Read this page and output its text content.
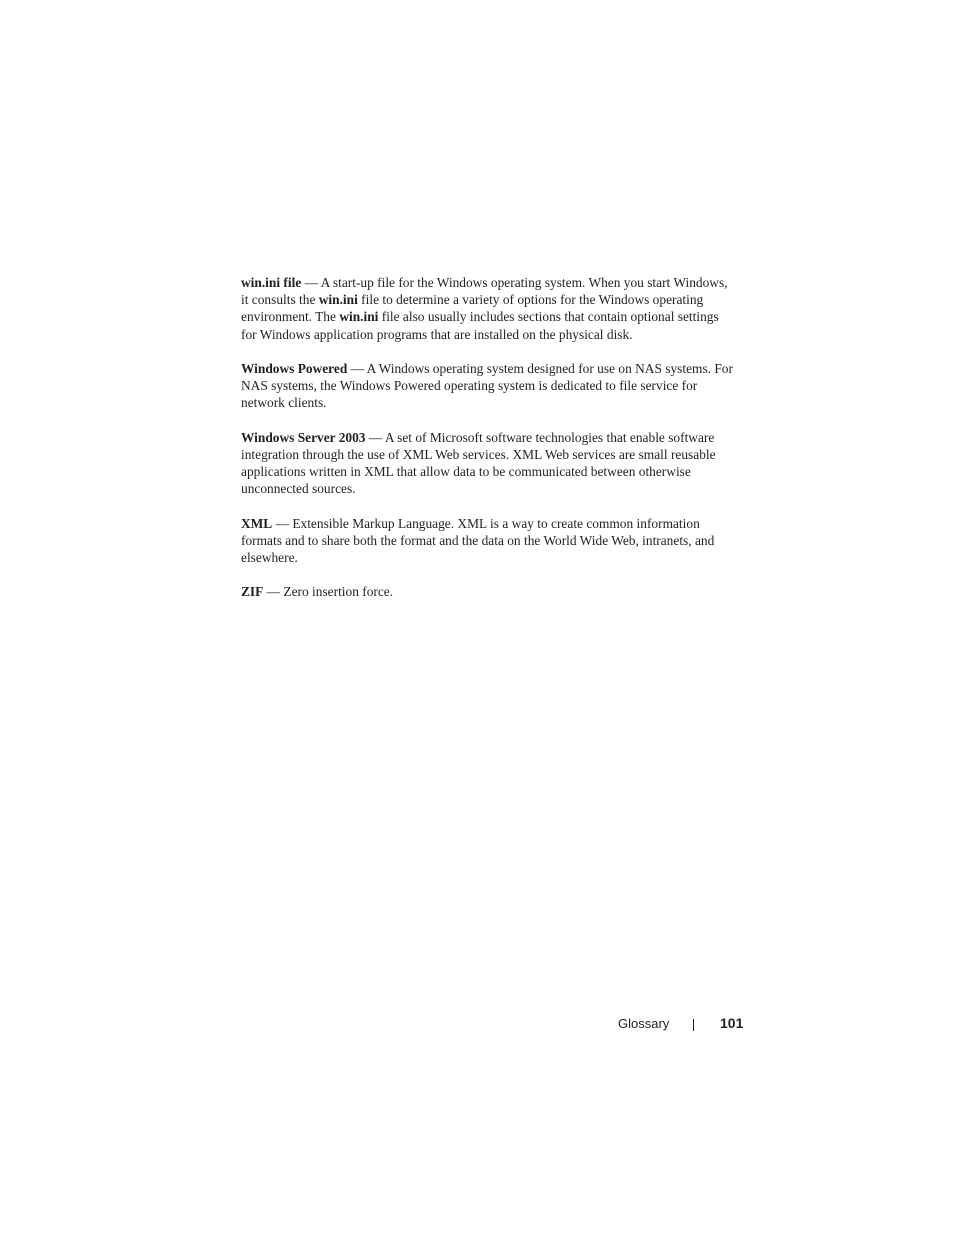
win.ini file — A start-up file for the Windows operating system. When you start Windows, it consults the win.ini file to determine a variety of options for the Windows operating environment. The win.ini file also usually includes sections that contain optional settings for Windows application programs that are installed on the physical disk.

Windows Powered — A Windows operating system designed for use on NAS systems. For NAS systems, the Windows Powered operating system is dedicated to file service for network clients.

Windows Server 2003 — A set of Microsoft software technologies that enable software integration through the use of XML Web services. XML Web services are small reusable applications written in XML that allow data to be communicated between otherwise unconnected sources.

XML — Extensible Markup Language. XML is a way to create common information formats and to share both the format and the data on the World Wide Web, intranets, and elsewhere.

ZIF — Zero insertion force.

Glossary	101
